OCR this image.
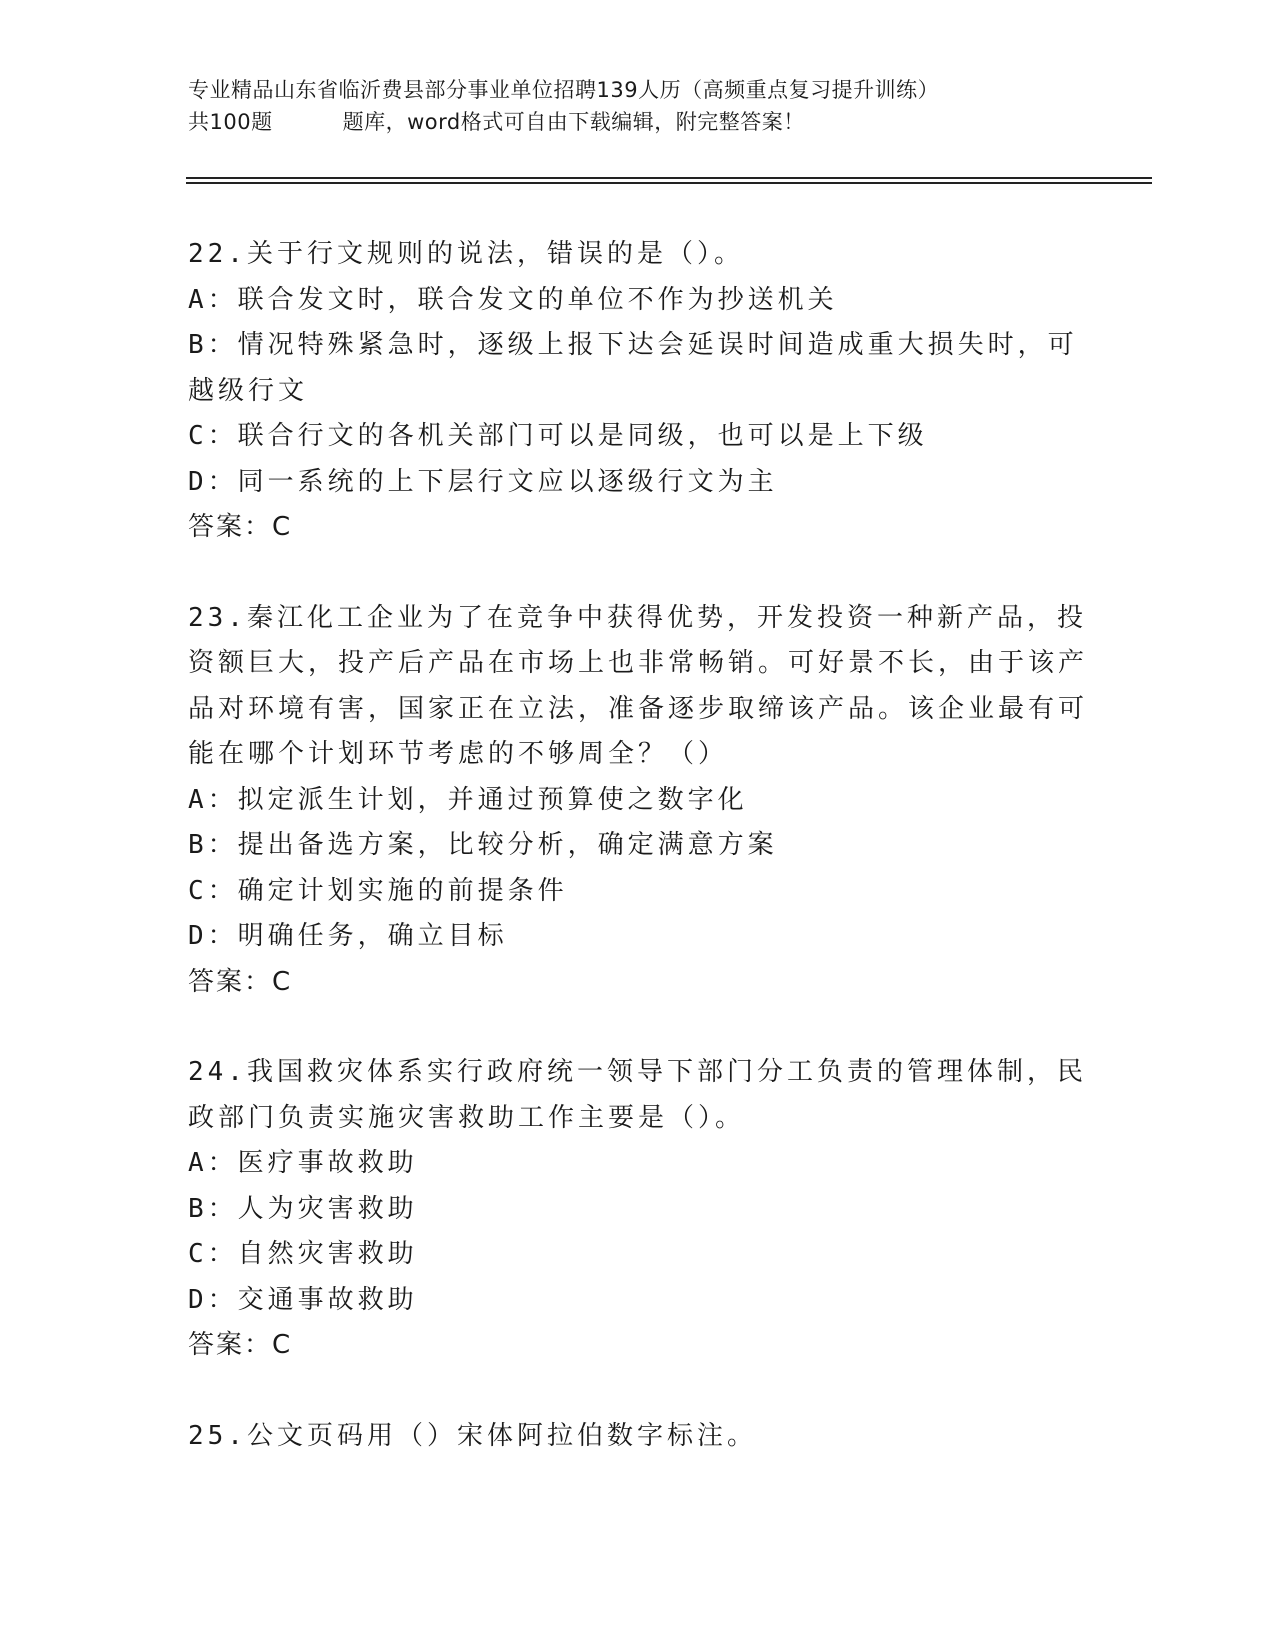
专业精品山东省临沂费县部分事业单位招聘139人历（高频重点复习提升训练）
共100题	题库，word格式可自由下载编辑，附完整答案！

22.关于行文规则的说法，错误的是（）。

A：联合发文时，联合发文的单位不作为抄送机关

B：情况特殊紧急时，逐级上报下达会延误时间造成重大损失时，可越级行文

C：联合行文的各机关部门可以是同级，也可以是上下级

D：同一系统的上下层行文应以逐级行文为主

答案：C

23.秦江化工企业为了在竞争中获得优势，开发投资一种新产品，投资额巨大，投产后产品在市场上也非常畅销。可好景不长，由于该产品对环境有害，国家正在立法，准备逐步取缔该产品。该企业最有可能在哪个计划环节考虑的不够周全？（）

A：拟定派生计划，并通过预算使之数字化

B：提出备选方案，比较分析，确定满意方案

C：确定计划实施的前提条件

D：明确任务，确立目标

答案：C

24.我国救灾体系实行政府统一领导下部门分工负责的管理体制，民政部门负责实施灾害救助工作主要是（）。

A：医疗事故救助

B：人为灾害救助

C：自然灾害救助

D：交通事故救助

答案：C

25.公文页码用（）宋体阿拉伯数字标注。
